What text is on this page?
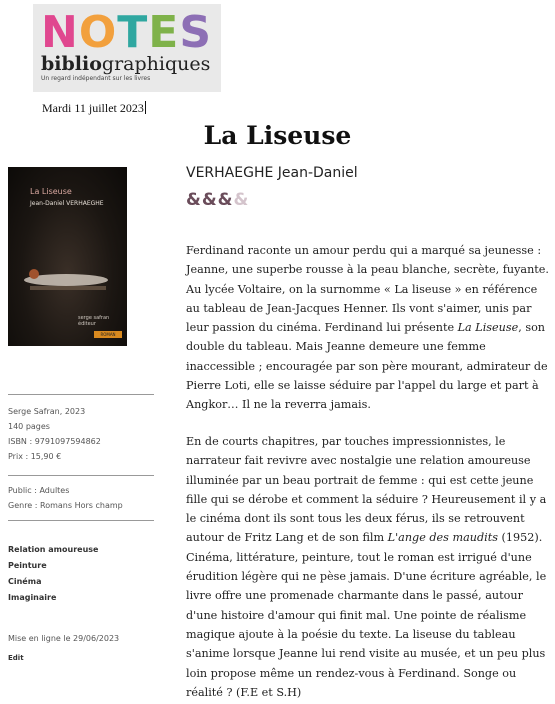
NOTES
bibliographiques
Un regard indépendant sur les livres
Mardi 11 juillet 2023
La Liseuse
La Liseuse
Jean-Daniel VERHAEGHE
serge safran éditeur
ROMAN
Serge Safran, 2023
140 pages
ISBN : 9791097594862
Prix : 15,90 €
Public : Adultes
Genre : Romans Hors champ
Relation amoureuse
Peinture
Cinéma
Imaginaire
Mise en ligne le 29/06/2023
Edit
VERHAEGHE Jean-Daniel
&&&&

Ferdinand raconte un amour perdu qui a marqué sa jeunesse : Jeanne, une superbe rousse à la peau blanche, secrète, fuyante. Au lycée Voltaire, on la surnomme « La liseuse » en référence au tableau de Jean-Jacques Henner. Ils vont s'aimer, unis par leur passion du cinéma. Ferdinand lui présente La Liseuse, son double du tableau. Mais Jeanne demeure une femme inaccessible ; encouragée par son père mourant, admirateur de Pierre Loti, elle se laisse séduire par l'appel du large et part à Angkor… Il ne la reverra jamais.

En de courts chapitres, par touches impressionnistes, le narrateur fait revivre avec nostalgie une relation amoureuse illuminée par un beau portrait de femme : qui est cette jeune fille qui se dérobe et comment la séduire ? Heureusement il y a le cinéma dont ils sont tous les deux férus, ils se retrouvent autour de Fritz Lang et de son film L'ange des maudits (1952). Cinéma, littérature, peinture, tout le roman est irrigué d'une érudition légère qui ne pèse jamais. D'une écriture agréable, le livre offre une promenade charmante dans le passé, autour d'une histoire d'amour qui finit mal. Une pointe de réalisme magique ajoute à la poésie du texte. La liseuse du tableau s'anime lorsque Jeanne lui rend visite au musée, et un peu plus loin propose même un rendez-vous à Ferdinand. Songe ou réalité ? (F.E et S.H)
